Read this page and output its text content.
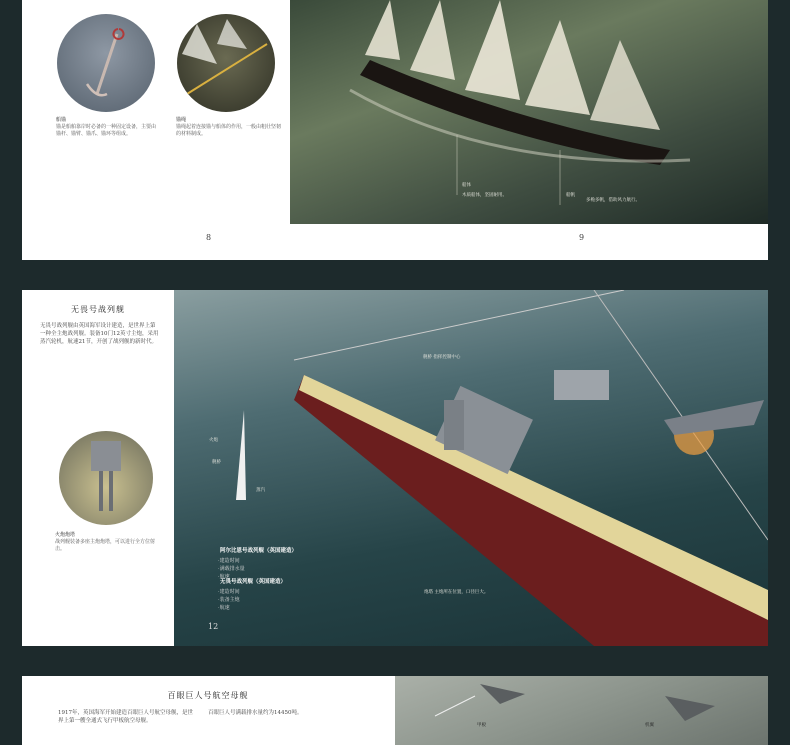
船锚
锚是船舶靠岸时必备的一种固定设备，主要由锚杆、锚臂、锚爪、锚环等组成。
锚绳
锚绳起着连接锚与船体的作用，一般由粗壮坚韧的材料制成。
8
船体
木质船体，坚固耐用。	船帆
多桅多帆，借助风力航行。
9
无畏号战列舰
无畏号战列舰由英国海军设计建造，是世界上第一种全主炮战列舰。装备10门12英寸主炮，采用蒸汽轮机，航速21节，开创了战列舰的新时代。
火炮炮塔
战列舰装备多座主炮炮塔，可以进行全方位射击。
火炮
舰桥
蒸汽
舰桥 指挥控制中心
炮塔 主炮所在位置，口径巨大。
阿尔比恩号战列舰（英国建造）
·建造时间
·满载排水量
·航速
无畏号战列舰（英国建造）
·建造时间
·装备主炮
·航速
12
百眼巨人号航空母舰
1917年，英国海军开始建造百眼巨人号航空母舰，是世界上第一艘全通式飞行甲板航空母舰。
百眼巨人号满载排水量约为14450吨。
甲板	机翼
